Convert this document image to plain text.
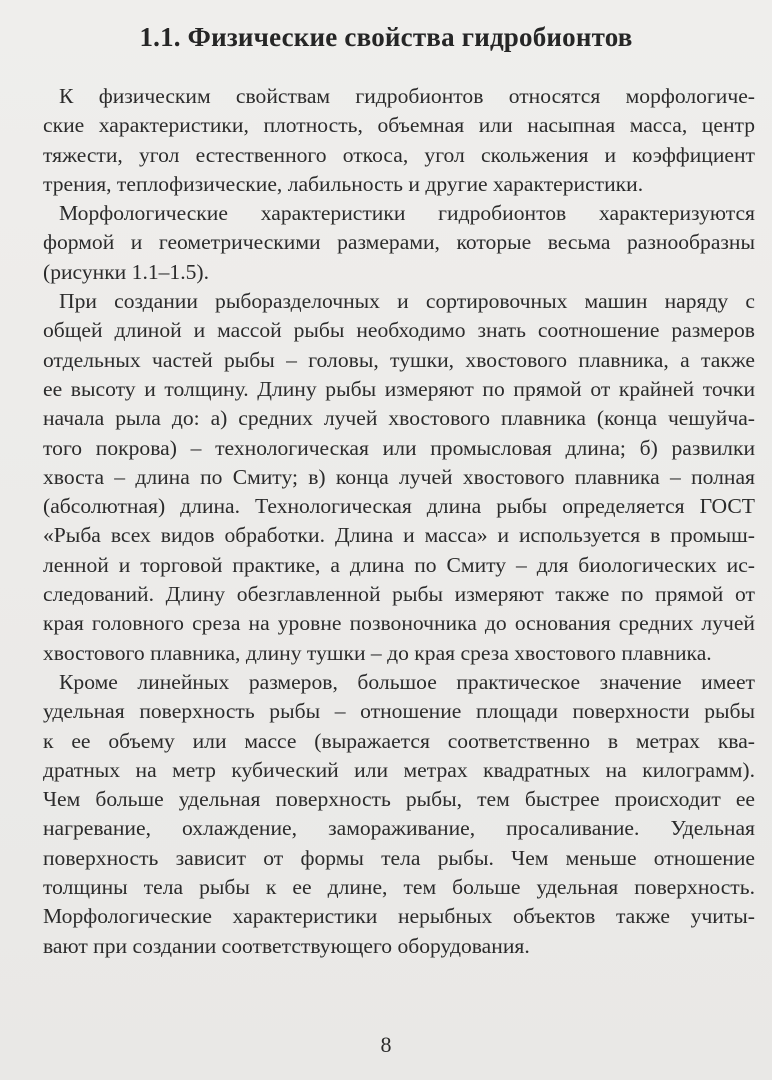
1.1. Физические свойства гидробионтов
К физическим свойствам гидробионтов относятся морфологиче-
ские характеристики, плотность, объемная или насыпная масса, центр
тяжести, угол естественного откоса, угол скольжения и коэффициент
трения, теплофизические, лабильность и другие характеристики.
Морфологические характеристики гидробионтов характеризуются
формой и геометрическими размерами, которые весьма разнообразны
(рисунки 1.1–1.5).
При создании рыборазделочных и сортировочных машин наряду с
общей длиной и массой рыбы необходимо знать соотношение размеров
отдельных частей рыбы – головы, тушки, хвостового плавника, а также
ее высоту и толщину. Длину рыбы измеряют по прямой от крайней точки
начала рыла до: а) средних лучей хвостового плавника (конца чешуйча-
того покрова) – технологическая или промысловая длина; б) развилки
хвоста – длина по Смиту; в) конца лучей хвостового плавника – полная
(абсолютная) длина. Технологическая длина рыбы определяется ГОСТ
«Рыба всех видов обработки. Длина и масса» и используется в промыш-
ленной и торговой практике, а длина по Смиту – для биологических ис-
следований. Длину обезглавленной рыбы измеряют также по прямой от
края головного среза на уровне позвоночника до основания средних лучей
хвостового плавника, длину тушки – до края среза хвостового плавника.
Кроме линейных размеров, большое практическое значение имеет
удельная поверхность рыбы – отношение площади поверхности рыбы
к ее объему или массе (выражается соответственно в метрах ква-
дратных на метр кубический или метрах квадратных на килограмм).
Чем больше удельная поверхность рыбы, тем быстрее происходит ее
нагревание, охлаждение, замораживание, просаливание. Удельная
поверхность зависит от формы тела рыбы. Чем меньше отношение
толщины тела рыбы к ее длине, тем больше удельная поверхность.
Морфологические характеристики нерыбных объектов также учиты-
вают при создании соответствующего оборудования.
8
